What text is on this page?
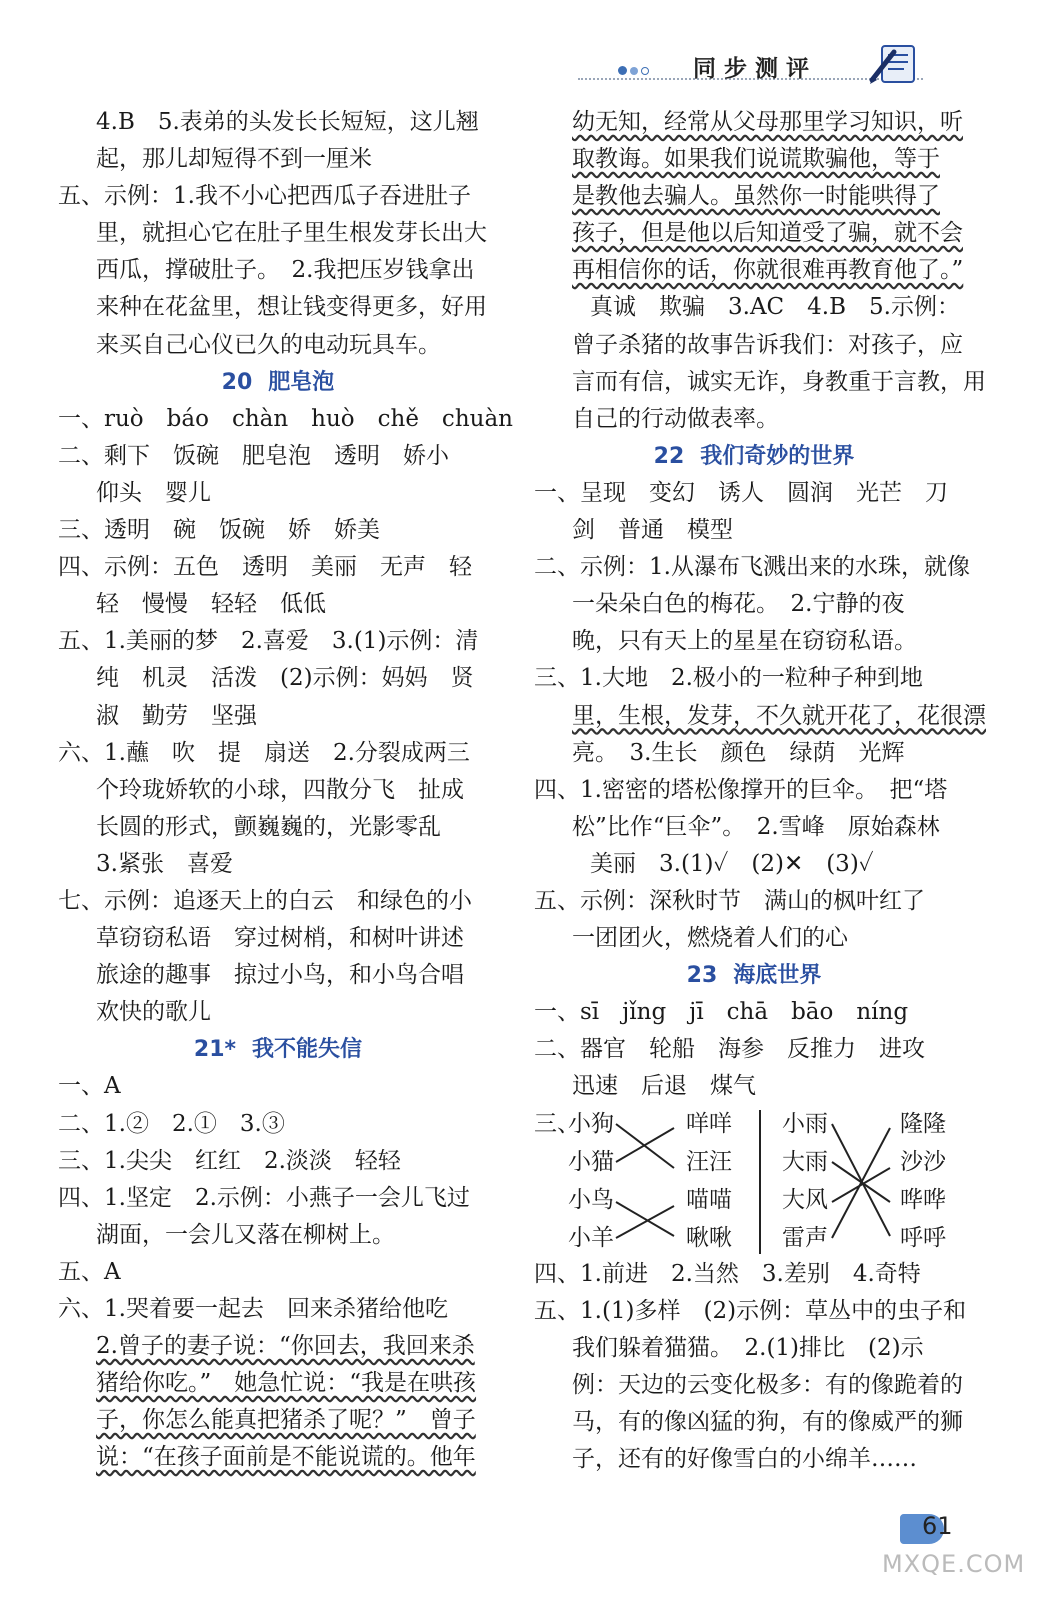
同步测评
4.B　5.表弟的头发长长短短，这儿翘
起，那儿却短得不到一厘米
五、示例：1.我不小心把西瓜子吞进肚子
里，就担心它在肚子里生根发芽长出大
西瓜，撑破肚子。　2.我把压岁钱拿出
来种在花盆里，想让钱变得更多，好用
来买自己心仪已久的电动玩具车。
20 肥皂泡
一、ruò　báo　chàn　huò　chě　chuàn
二、剩下　饭碗　肥皂泡　透明　娇小
仰头　婴儿
三、透明　碗　饭碗　娇　娇美
四、示例：五色　透明　美丽　无声　轻
轻　慢慢　轻轻　低低
五、1.美丽的梦　2.喜爱　3.(1)示例：清
纯　机灵　活泼　(2)示例：妈妈　贤
淑　勤劳　坚强
六、1.蘸　吹　提　扇送　2.分裂成两三
个玲珑娇软的小球，四散分飞　扯成
长圆的形式，颤巍巍的，光影零乱
3.紧张　喜爱
七、示例：追逐天上的白云　和绿色的小
草窃窃私语　穿过树梢，和树叶讲述
旅途的趣事　掠过小鸟，和小鸟合唱
欢快的歌儿
21* 我不能失信
一、A
二、1.②　2.①　3.③
三、1.尖尖　红红　2.淡淡　轻轻
四、1.坚定　2.示例：小燕子一会儿飞过
湖面，一会儿又落在柳树上。
五、A
六、1.哭着要一起去　回来杀猪给他吃
2.曾子的妻子说：“你回去，我回来杀
猪给你吃。”　她急忙说：“我是在哄孩
子，你怎么能真把猪杀了呢？”　曾子
说：“在孩子面前是不能说谎的。他年
幼无知，经常从父母那里学习知识，听
取教诲。如果我们说谎欺骗他，等于
是教他去骗人。虽然你一时能哄得了
孩子，但是他以后知道受了骗，就不会
再相信你的话，你就很难再教育他了。”
真诚　欺骗　3.AC　4.B　5.示例：
曾子杀猪的故事告诉我们：对孩子，应
言而有信，诚实无诈，身教重于言教，用
自己的行动做表率。
22 我们奇妙的世界
一、呈现　变幻　诱人　圆润　光芒　刀
剑　普通　模型
二、示例：1.从瀑布飞溅出来的水珠，就像
一朵朵白色的梅花。　2.宁静的夜
晚，只有天上的星星在窃窃私语。
三、1.大地　2.极小的一粒种子种到地
里，生根，发芽，不久就开花了，花很漂
亮。　3.生长　颜色　绿荫　光辉
四、1.密密的塔松像撑开的巨伞。　把“塔
松”比作“巨伞”。　2.雪峰　原始森林
美丽　3.(1)✓　(2)✕　(3)✓
五、示例：深秋时节　满山的枫叶红了
一团团火，燃烧着人们的心
23 海底世界
一、sī　jǐng　jī　chā　bāo　níng
二、器官　轮船　海参　反推力　进攻
迅速　后退　煤气
三、
小狗
小猫
小鸟
小羊
咩咩
汪汪
喵喵
啾啾
小雨
大雨
大风
雷声
隆隆
沙沙
哗哗
呼呼
四、1.前进　2.当然　3.差别　4.奇特
五、1.(1)多样　(2)示例：草丛中的虫子和
我们躲着猫猫。　2.(1)排比　(2)示
例：天边的云变化极多：有的像跪着的
马，有的像凶猛的狗，有的像威严的狮
子，还有的好像雪白的小绵羊……
61
MXQE.COM
